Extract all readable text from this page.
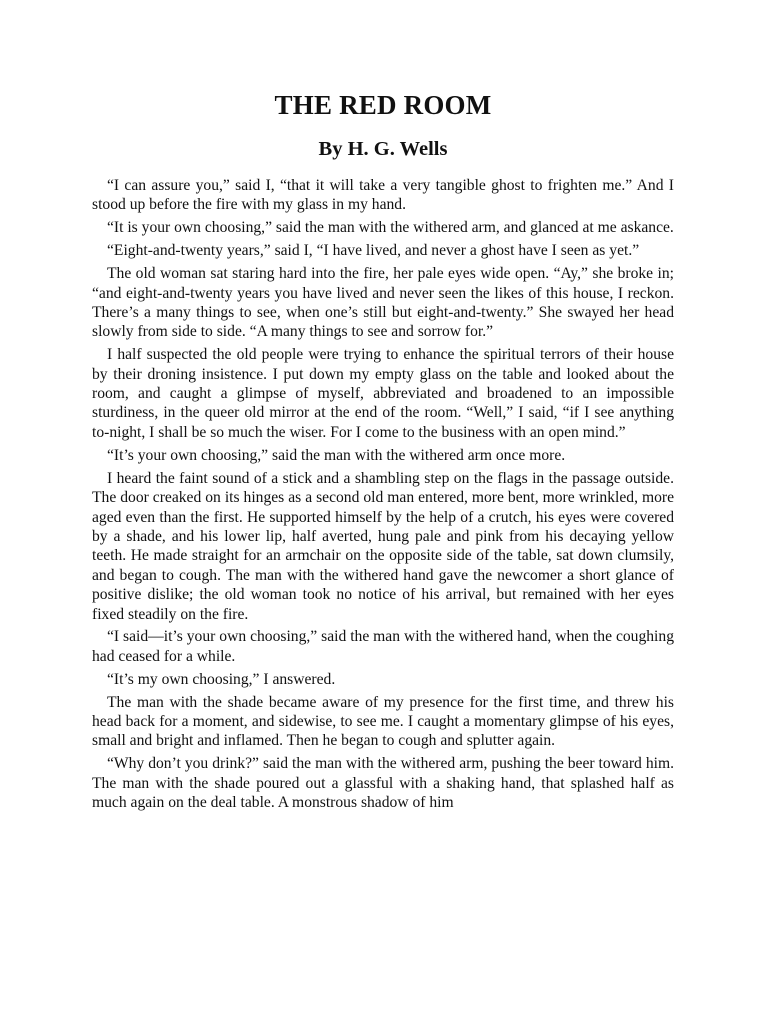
THE RED ROOM
By H. G. Wells

“I can assure you,” said I, “that it will take a very tangible ghost to frighten me.” And I stood up before the fire with my glass in my hand.

“It is your own choosing,” said the man with the withered arm, and glanced at me askance.

“Eight-and-twenty years,” said I, “I have lived, and never a ghost have I seen as yet.”

The old woman sat staring hard into the fire, her pale eyes wide open. “Ay,” she broke in; “and eight-and-twenty years you have lived and never seen the likes of this house, I reckon. There’s a many things to see, when one’s still but eight-and-twenty.” She swayed her head slowly from side to side. “A many things to see and sorrow for.”

I half suspected the old people were trying to enhance the spiritual terrors of their house by their droning insistence. I put down my empty glass on the table and looked about the room, and caught a glimpse of myself, abbreviated and broadened to an impossible sturdiness, in the queer old mirror at the end of the room. “Well,” I said, “if I see anything to-night, I shall be so much the wiser. For I come to the business with an open mind.”

“It’s your own choosing,” said the man with the withered arm once more.

I heard the faint sound of a stick and a shambling step on the flags in the passage outside. The door creaked on its hinges as a second old man entered, more bent, more wrinkled, more aged even than the first. He supported himself by the help of a crutch, his eyes were covered by a shade, and his lower lip, half averted, hung pale and pink from his decaying yellow teeth. He made straight for an armchair on the opposite side of the table, sat down clumsily, and began to cough. The man with the withered hand gave the newcomer a short glance of positive dislike; the old woman took no notice of his arrival, but remained with her eyes fixed steadily on the fire.

“I said—it’s your own choosing,” said the man with the withered hand, when the coughing had ceased for a while.

“It’s my own choosing,” I answered.

The man with the shade became aware of my presence for the first time, and threw his head back for a moment, and sidewise, to see me. I caught a momentary glimpse of his eyes, small and bright and inflamed. Then he began to cough and splutter again.

“Why don’t you drink?” said the man with the withered arm, pushing the beer toward him. The man with the shade poured out a glassful with a shaking hand, that splashed half as much again on the deal table. A monstrous shadow of him
